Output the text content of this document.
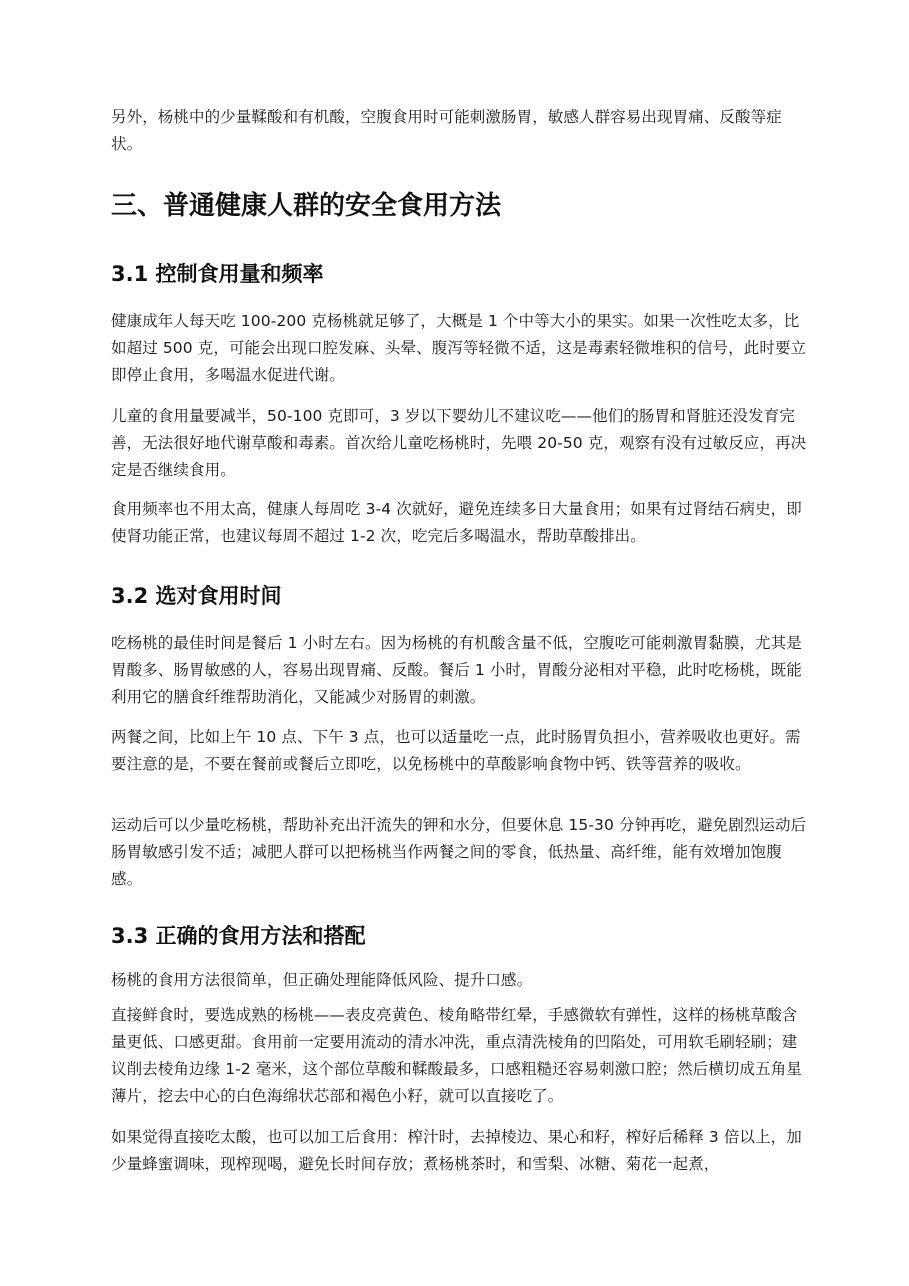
另外，杨桃中的少量鞣酸和有机酸，空腹食用时可能刺激肠胃，敏感人群容易出现胃痛、反酸等症状。

三、普通健康人群的安全食用方法
3.1 控制食用量和频率

健康成年人每天吃 100-200 克杨桃就足够了，大概是 1 个中等大小的果实。如果一次性吃太多，比如超过 500 克，可能会出现口腔发麻、头晕、腹泻等轻微不适，这是毒素轻微堆积的信号，此时要立即停止食用，多喝温水促进代谢。

儿童的食用量要减半，50-100 克即可，3 岁以下婴幼儿不建议吃——他们的肠胃和肾脏还没发育完善，无法很好地代谢草酸和毒素。首次给儿童吃杨桃时，先喂 20-50 克，观察有没有过敏反应，再决定是否继续食用。

食用频率也不用太高，健康人每周吃 3-4 次就好，避免连续多日大量食用；如果有过肾结石病史，即使肾功能正常，也建议每周不超过 1-2 次，吃完后多喝温水，帮助草酸排出。

3.2 选对食用时间

吃杨桃的最佳时间是餐后 1 小时左右。因为杨桃的有机酸含量不低，空腹吃可能刺激胃黏膜，尤其是胃酸多、肠胃敏感的人，容易出现胃痛、反酸。餐后 1 小时，胃酸分泌相对平稳，此时吃杨桃，既能利用它的膳食纤维帮助消化，又能减少对肠胃的刺激。

两餐之间，比如上午 10 点、下午 3 点，也可以适量吃一点，此时肠胃负担小，营养吸收也更好。需要注意的是，不要在餐前或餐后立即吃，以免杨桃中的草酸影响食物中钙、铁等营养的吸收。

运动后可以少量吃杨桃，帮助补充出汗流失的钾和水分，但要休息 15-30 分钟再吃，避免剧烈运动后肠胃敏感引发不适；减肥人群可以把杨桃当作两餐之间的零食，低热量、高纤维，能有效增加饱腹感。

3.3 正确的食用方法和搭配

杨桃的食用方法很简单，但正确处理能降低风险、提升口感。

直接鲜食时，要选成熟的杨桃——表皮亮黄色、棱角略带红晕，手感微软有弹性，这样的杨桃草酸含量更低、口感更甜。食用前一定要用流动的清水冲洗，重点清洗棱角的凹陷处，可用软毛刷轻刷；建议削去棱角边缘 1-2 毫米，这个部位草酸和鞣酸最多，口感粗糙还容易刺激口腔；然后横切成五角星薄片，挖去中心的白色海绵状芯部和褐色小籽，就可以直接吃了。

如果觉得直接吃太酸，也可以加工后食用：榨汁时，去掉棱边、果心和籽，榨好后稀释 3 倍以上，加少量蜂蜜调味，现榨现喝，避免长时间存放；煮杨桃茶时，和雪梨、冰糖、菊花一起煮，
